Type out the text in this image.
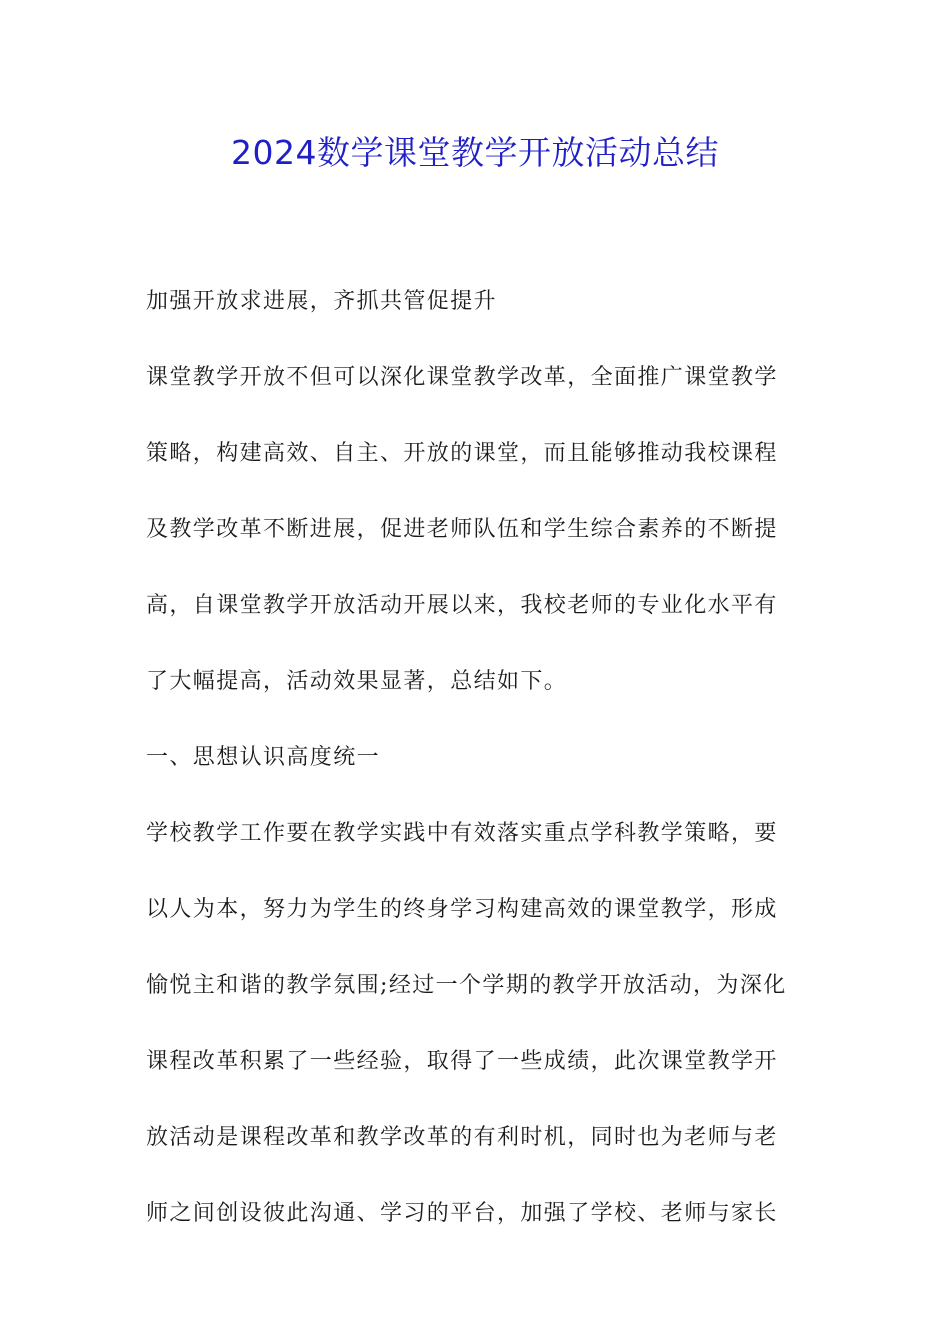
2024数学课堂教学开放活动总结
加强开放求进展，齐抓共管促提升
课堂教学开放不但可以深化课堂教学改革，全面推广课堂教学
策略，构建高效、自主、开放的课堂，而且能够推动我校课程
及教学改革不断进展，促进老师队伍和学生综合素养的不断提
高，自课堂教学开放活动开展以来，我校老师的专业化水平有
了大幅提高，活动效果显著，总结如下。
一、思想认识高度统一
学校教学工作要在教学实践中有效落实重点学科教学策略，要
以人为本，努力为学生的终身学习构建高效的课堂教学，形成
愉悦主和谐的教学氛围;经过一个学期的教学开放活动，为深化
课程改革积累了一些经验，取得了一些成绩，此次课堂教学开
放活动是课程改革和教学改革的有利时机，同时也为老师与老
师之间创设彼此沟通、学习的平台，加强了学校、老师与家长
